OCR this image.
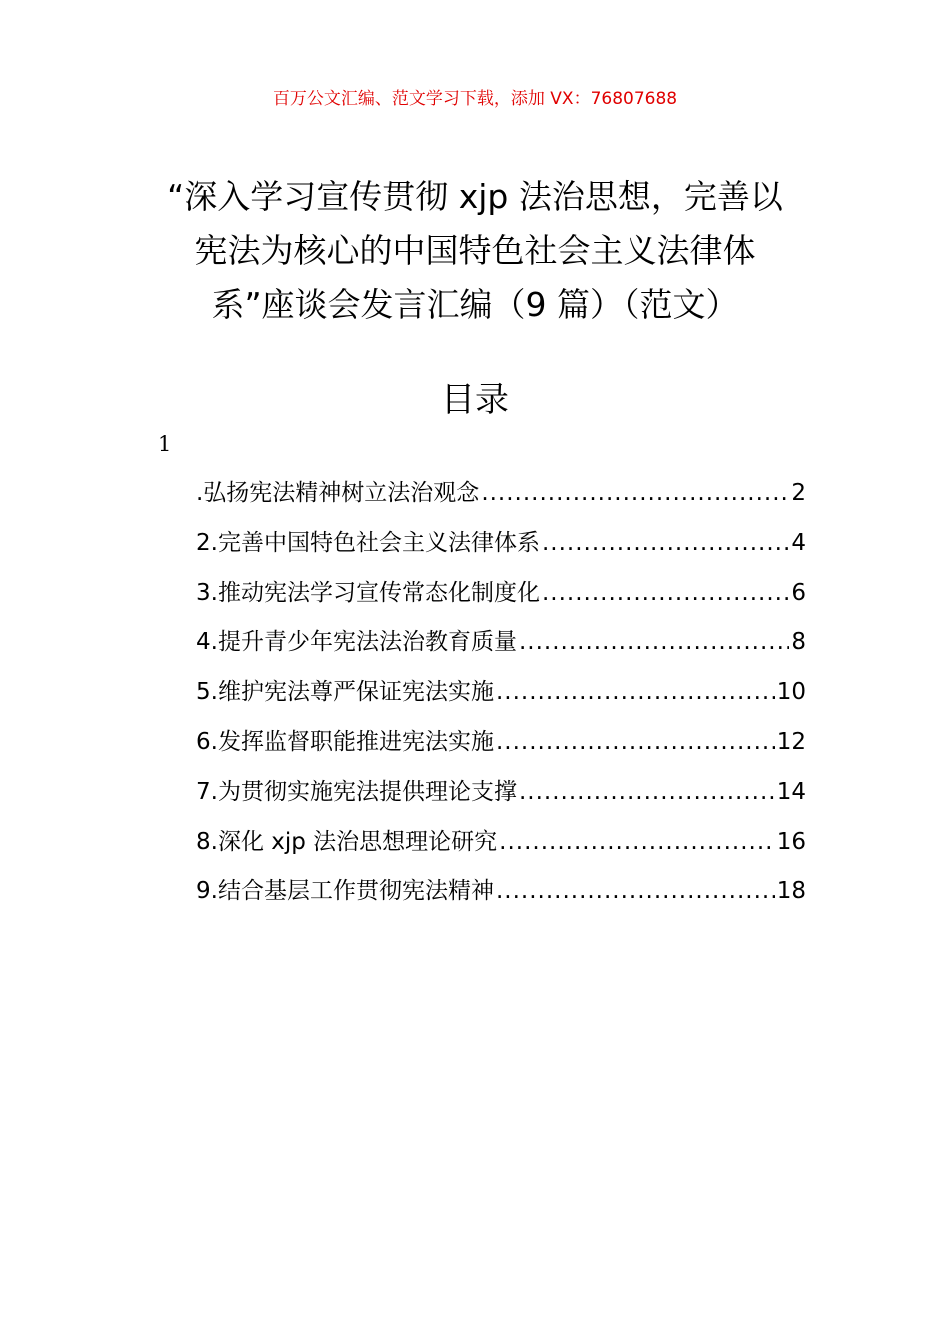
百万公文汇编、范文学习下载，添加 VX：76807688
“深入学习宣传贯彻 xjp 法治思想，完善以
宪法为核心的中国特色社会主义法律体
系”座谈会发言汇编（9 篇）（范文）
目录
1
.弘扬宪法精神树立法治观念 .....	2
2.完善中国特色社会主义法律体系 .....	4
3.推动宪法学习宣传常态化制度化 .....	6
4.提升青少年宪法法治教育质量 .....	8
5.维护宪法尊严保证宪法实施 .....	10
6.发挥监督职能推进宪法实施 .....	12
7.为贯彻实施宪法提供理论支撑 .....	14
8.深化 xjp 法治思想理论研究 .....	16
9.结合基层工作贯彻宪法精神 .....	18
